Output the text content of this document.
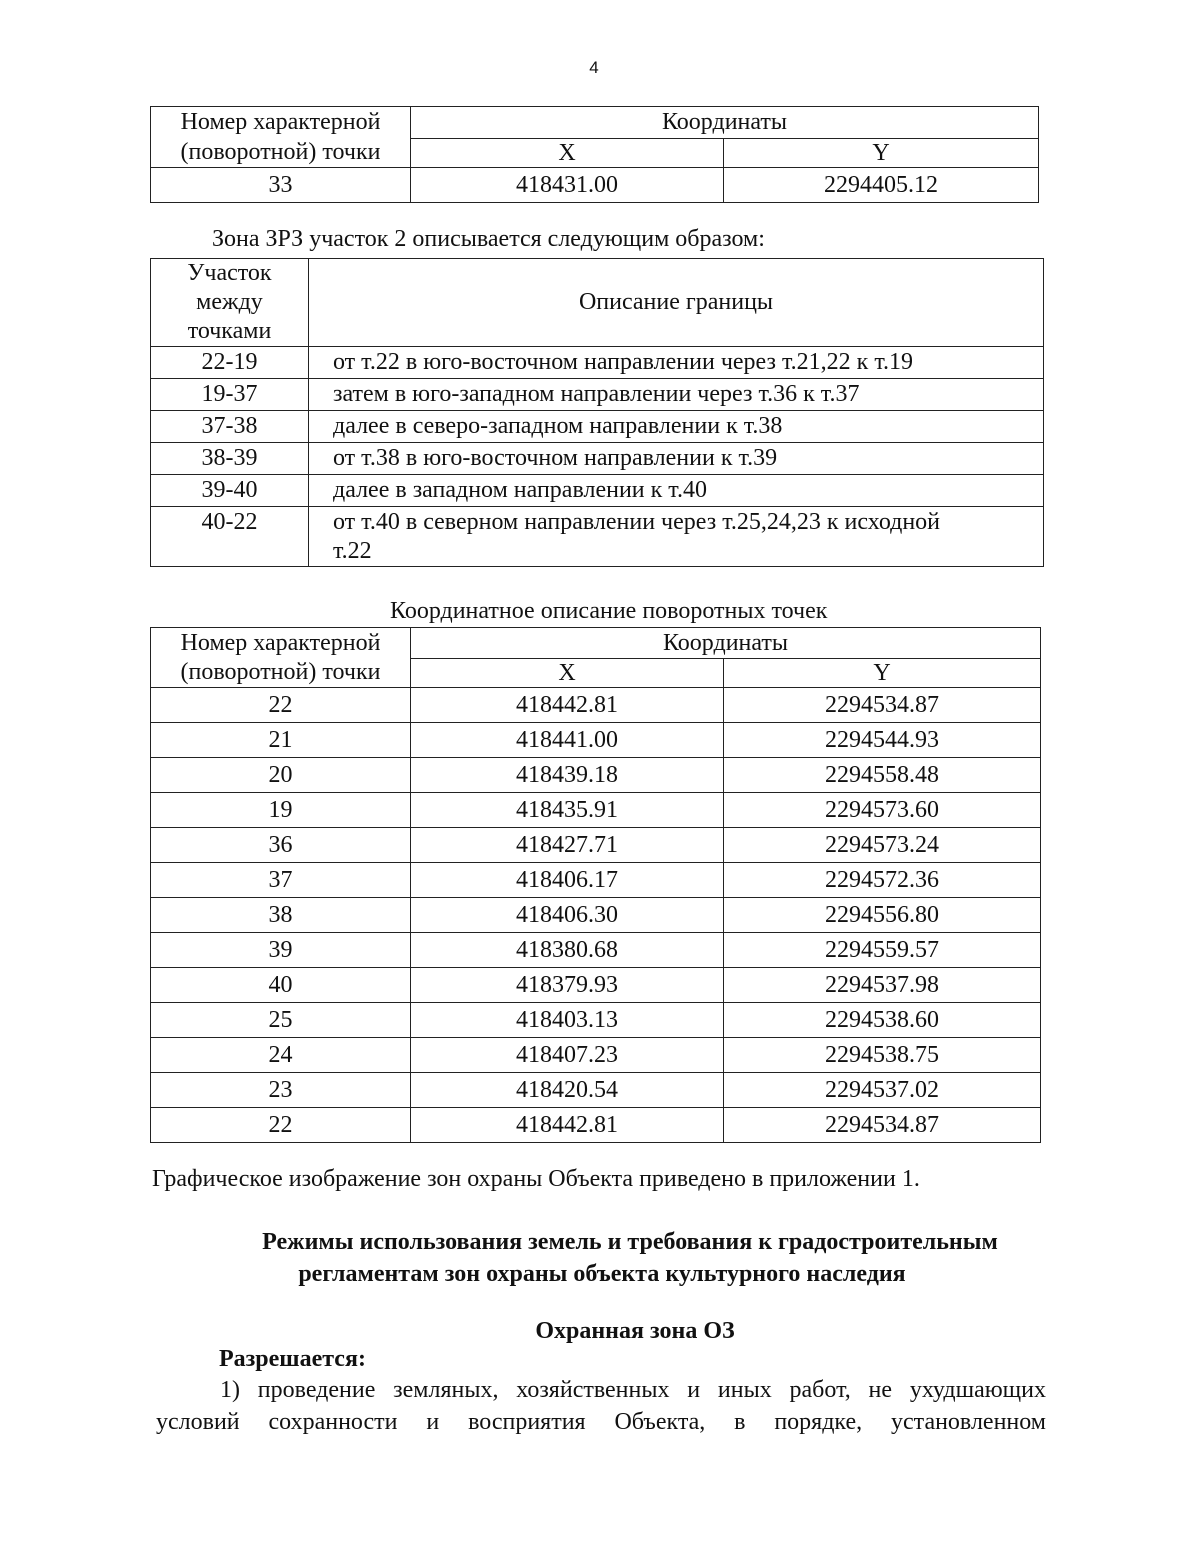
4
Номер характерной
(поворотной) точки	Координаты	
	X	Y
33	418431.00	2294405.12
Зона ЗРЗ участок 2 описывается следующим образом:
Участок
между
точками	Описание границы
22-19	от т.22 в юго-восточном направлении через т.21,22 к т.19
19-37	затем в юго-западном направлении через т.36 к т.37
37-38	далее в северо-западном направлении к т.38
38-39	от т.38 в юго-восточном направлении к т.39
39-40	далее в западном направлении к т.40
40-22	от т.40 в северном направлении через т.25,24,23 к исходной
т.22
Координатное описание поворотных точек
Номер характерной
(поворотной) точки	Координаты	
	X	Y
22	418442.81	2294534.87
21	418441.00	2294544.93
20	418439.18	2294558.48
19	418435.91	2294573.60
36	418427.71	2294573.24
37	418406.17	2294572.36
38	418406.30	2294556.80
39	418380.68	2294559.57
40	418379.93	2294537.98
25	418403.13	2294538.60
24	418407.23	2294538.75
23	418420.54	2294537.02
22	418442.81	2294534.87
Графическое изображение зон охраны Объекта приведено в приложении 1.
Режимы использования земель и требования к градостроительным
регламентам зон охраны объекта культурного наследия
Охранная зона ОЗ
Разрешается:
1) проведение земляных, хозяйственных и иных работ, не ухудшающих
условий сохранности и восприятия Объекта, в порядке, установленном
